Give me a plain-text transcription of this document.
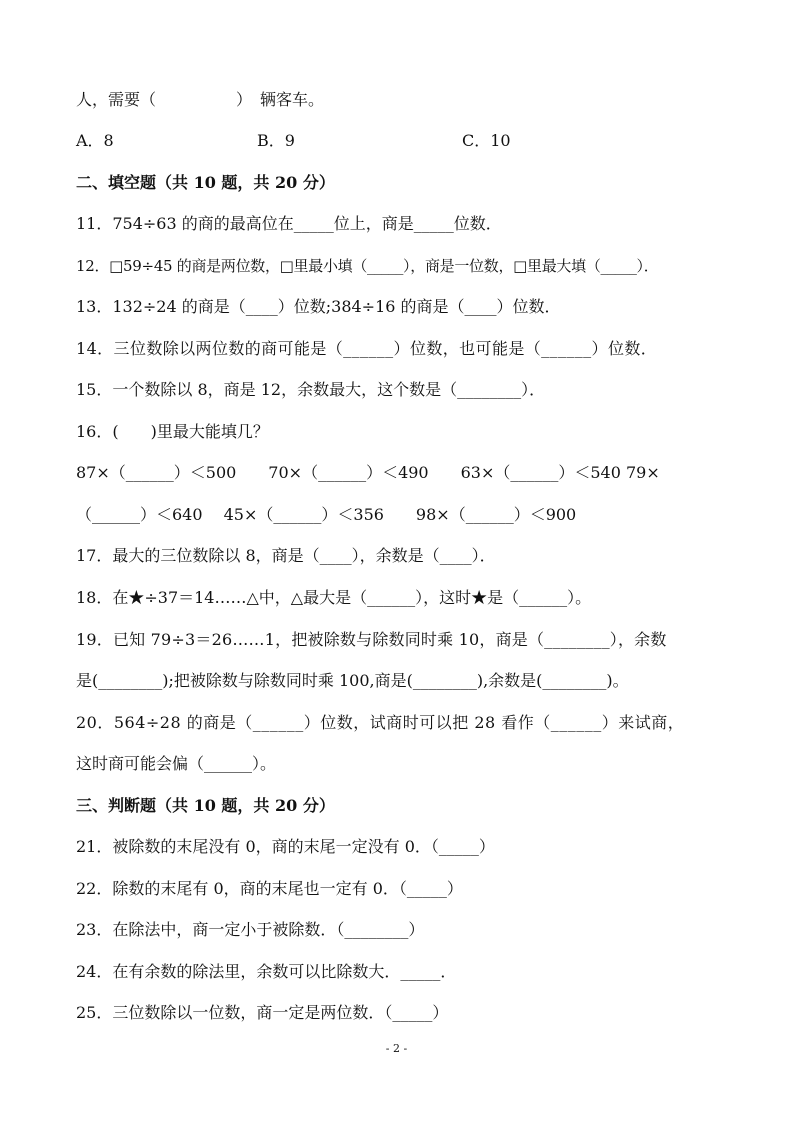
人，需要（　　　　　）　辆客车。
A．8	B．9	C．10
二、填空题（共 10 题，共 20 分）
11．754÷63 的商的最高位在_____位上，商是_____位数．
12．□59÷45 的商是两位数，□里最小填（_____），商是一位数，□里最大填（_____）．
13．132÷24 的商是（____）位数;384÷16 的商是（____）位数．
14．三位数除以两位数的商可能是（______）位数，也可能是（______）位数．
15．一个数除以 8，商是 12，余数最大，这个数是（________）．
16．(　　)里最大能填几？
87×（______）＜500　　70×（______）＜490　　63×（______）＜540 79×
（______）＜640　 45×（______）＜356　　98×（______）＜900
17．最大的三位数除以 8，商是（____），余数是（____）．
18．在★÷37＝14……△中，△最大是（______），这时★是（______）。
19．已知 79÷3＝26……1，把被除数与除数同时乘 10，商是（________），余数
是(________);把被除数与除数同时乘 100,商是(________),余数是(________)。
20．564÷28 的商是（______）位数，试商时可以把 28 看作（______）来试商，
这时商可能会偏（______）。
三、判断题（共 10 题，共 20 分）
21．被除数的末尾没有 0，商的末尾一定没有 0．（_____）
22．除数的末尾有 0，商的末尾也一定有 0．（_____）
23．在除法中，商一定小于被除数．（________）
24．在有余数的除法里，余数可以比除数大．_____．
25．三位数除以一位数，商一定是两位数．（_____）
- 2 -
